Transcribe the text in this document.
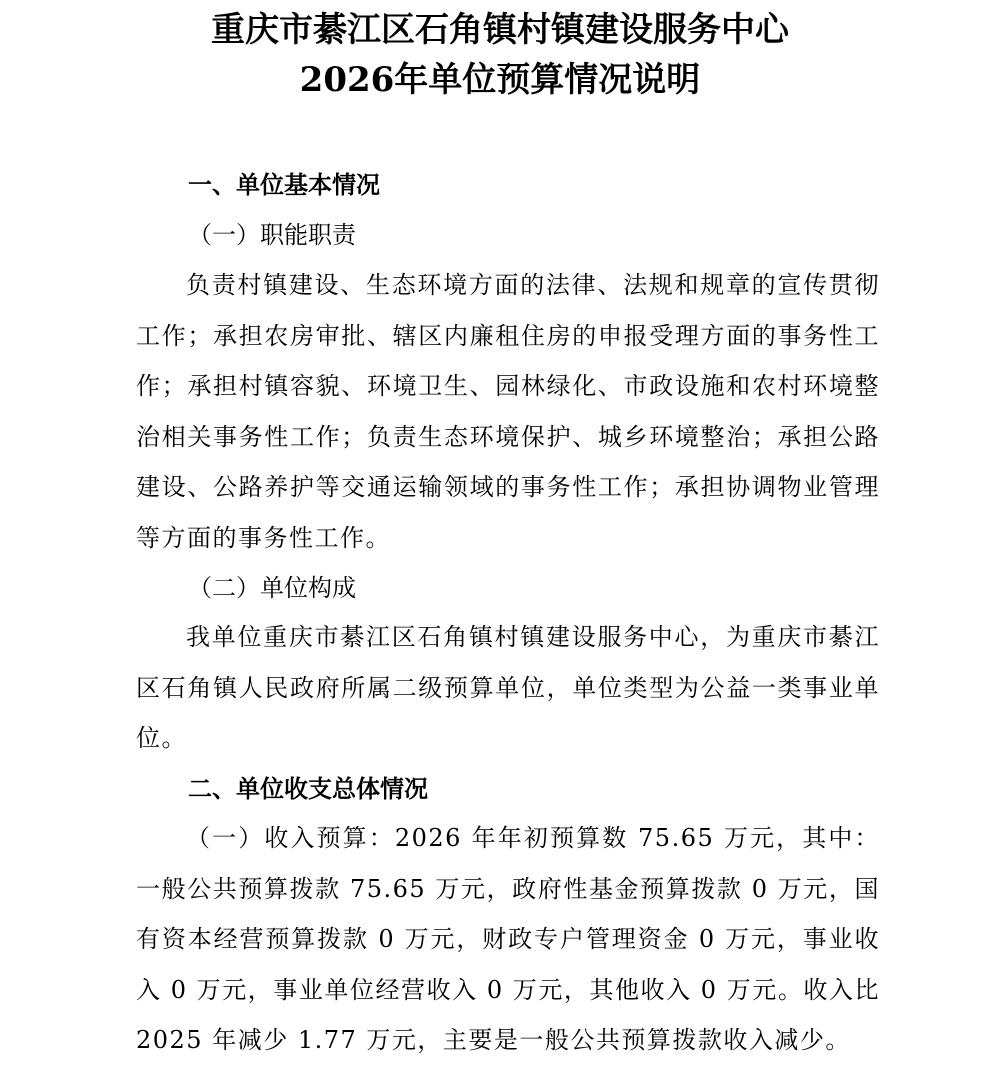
重庆市綦江区石角镇村镇建设服务中心
2026年单位预算情况说明
一、单位基本情况
（一）职能职责

负责村镇建设、生态环境方面的法律、法规和规章的宣传贯彻工作；承担农房审批、辖区内廉租住房的申报受理方面的事务性工作；承担村镇容貌、环境卫生、园林绿化、市政设施和农村环境整治相关事务性工作；负责生态环境保护、城乡环境整治；承担公路建设、公路养护等交通运输领域的事务性工作；承担协调物业管理等方面的事务性工作。

（二）单位构成

我单位重庆市綦江区石角镇村镇建设服务中心，为重庆市綦江区石角镇人民政府所属二级预算单位，单位类型为公益一类事业单位。

二、单位收支总体情况

（一）收入预算：2026 年年初预算数 75.65 万元，其中：一般公共预算拨款 75.65 万元，政府性基金预算拨款 0 万元，国有资本经营预算拨款 0 万元，财政专户管理资金 0 万元，事业收入 0 万元，事业单位经营收入 0 万元，其他收入 0 万元。收入比 2025 年减少 1.77 万元，主要是一般公共预算拨款收入减少。
